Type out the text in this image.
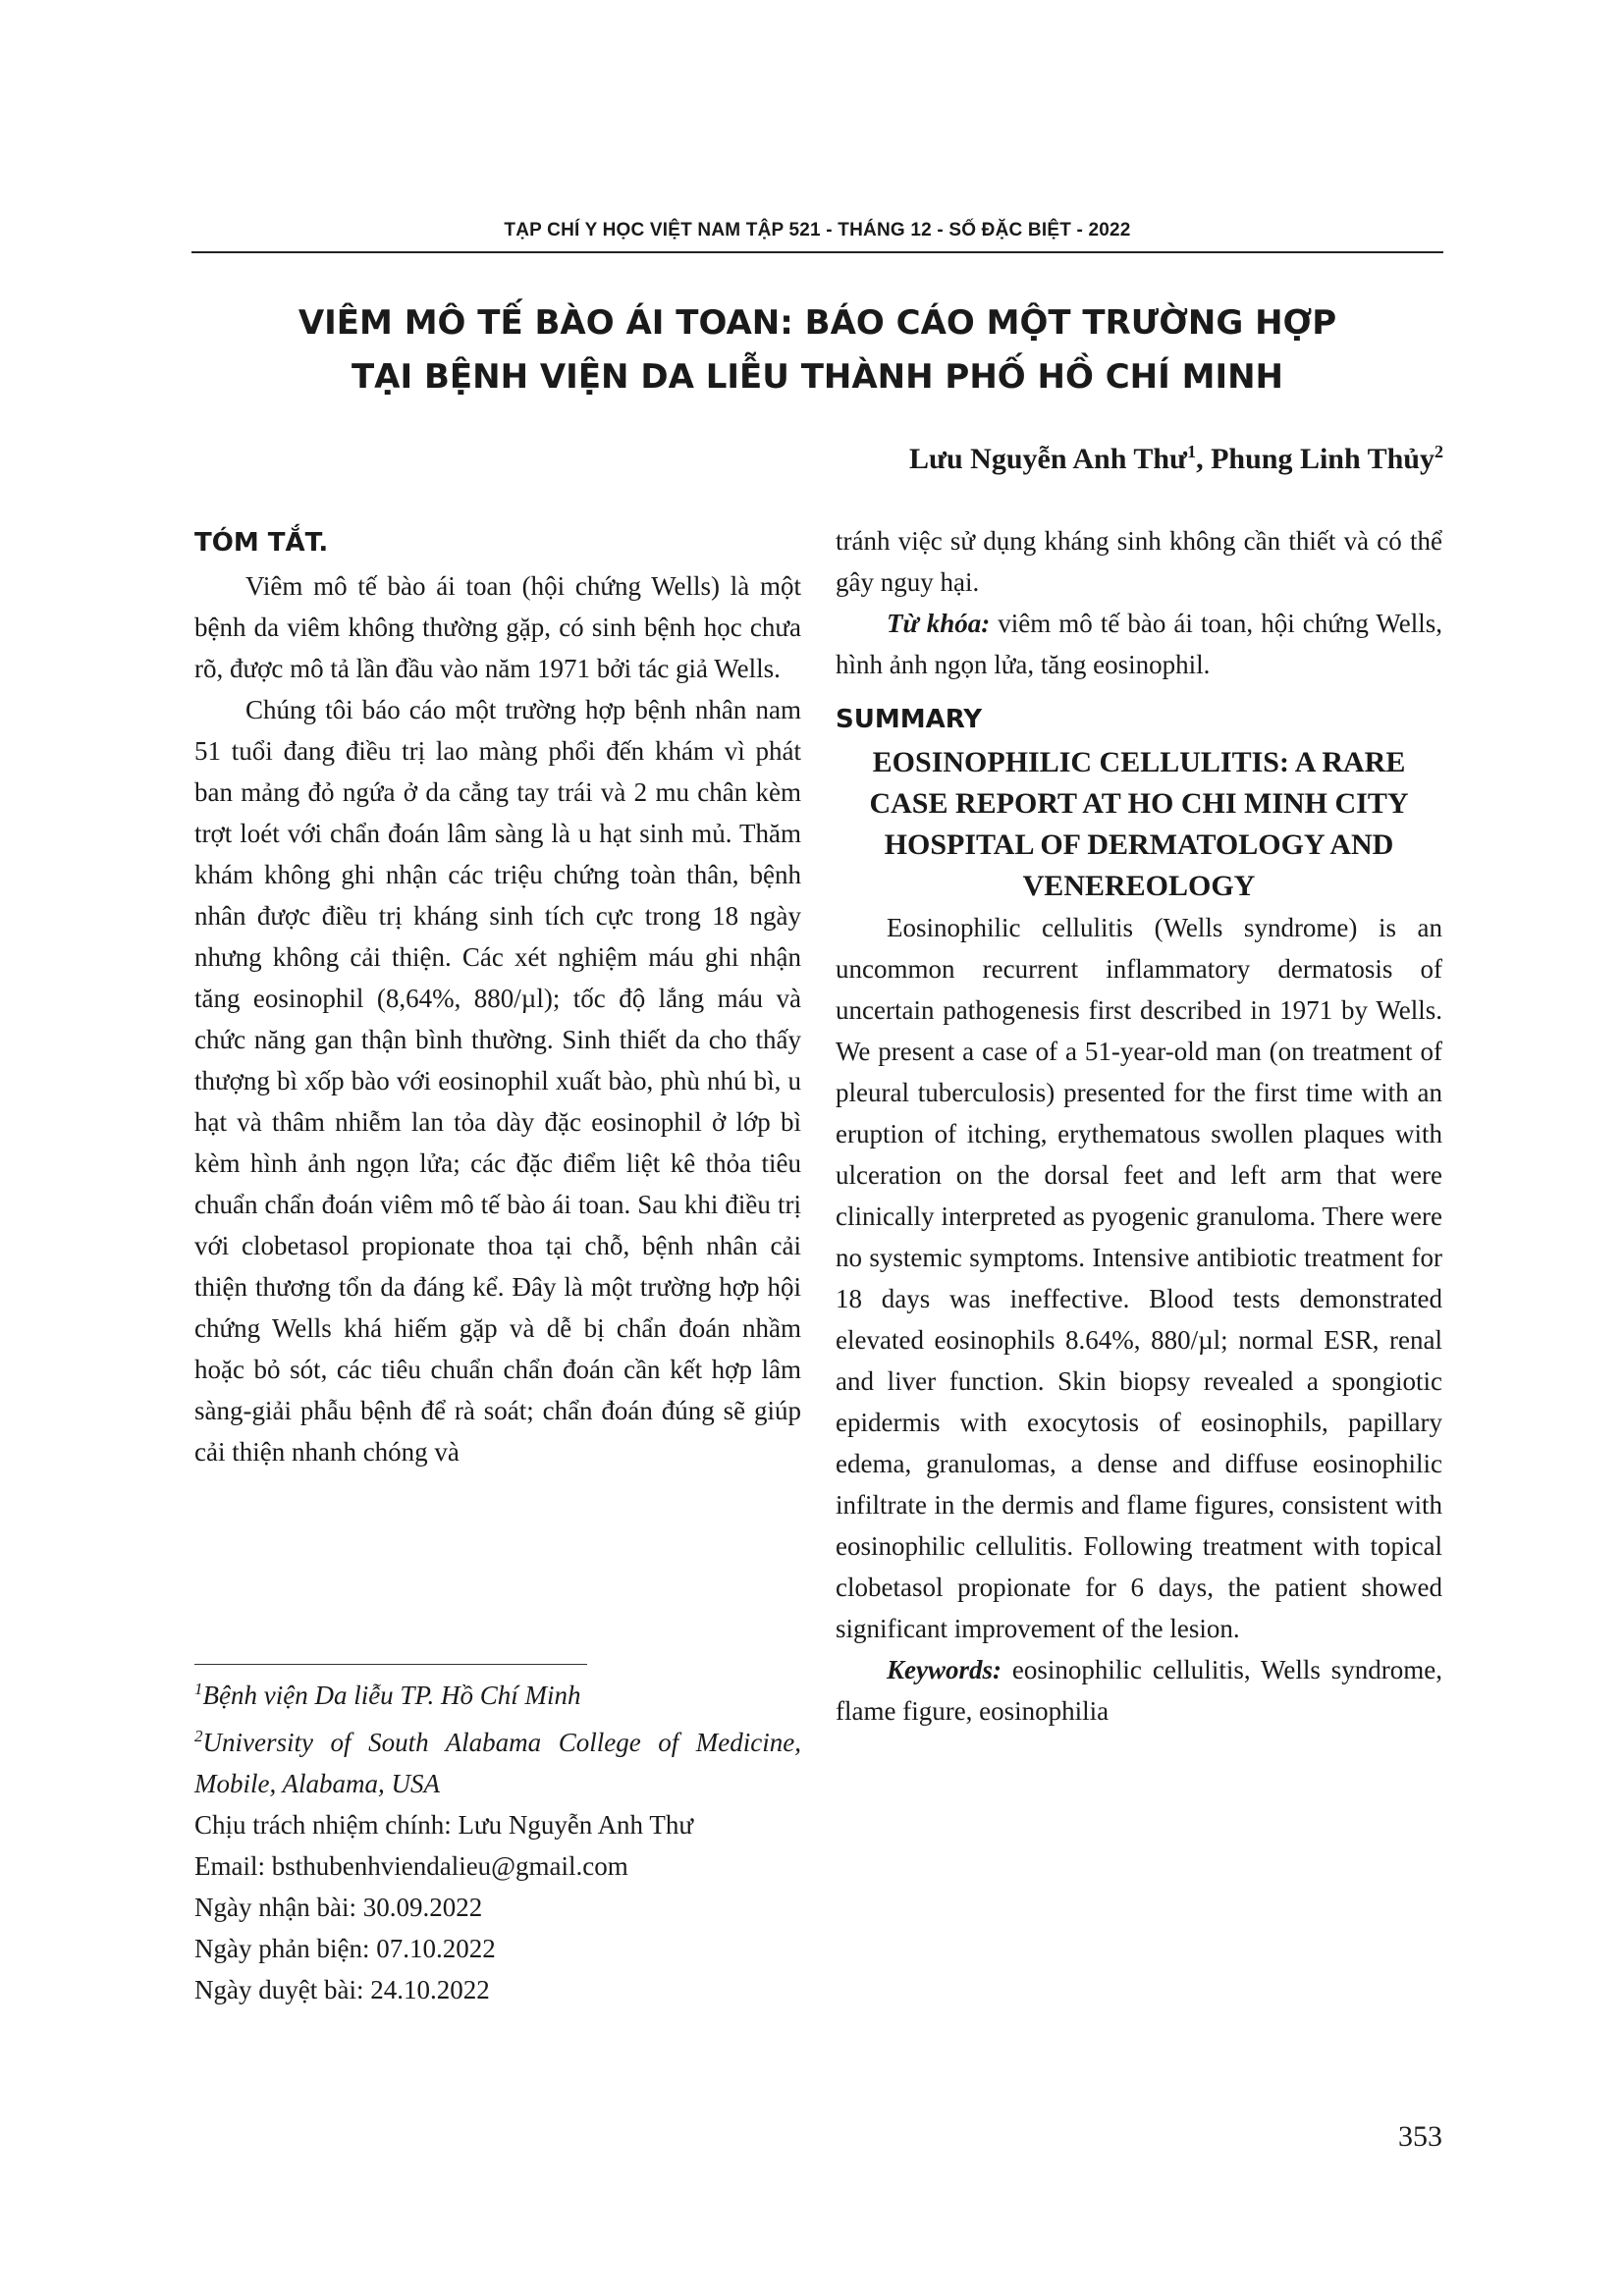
TẠP CHÍ Y HỌC VIỆT NAM TẬP 521 - THÁNG 12 - SỐ ĐẶC BIỆT - 2022
VIÊM MÔ TẾ BÀO ÁI TOAN: BÁO CÁO MỘT TRƯỜNG HỢP
TẠI BỆNH VIỆN DA LIỄU THÀNH PHỐ HỒ CHÍ MINH
Lưu Nguyễn Anh Thư$^1$, Phung Linh Thủy$^2$

TÓM TẮT.

Viêm mô tế bào ái toan (hội chứng Wells) là một bệnh da viêm không thường gặp, có sinh bệnh học chưa rõ, được mô tả lần đầu vào năm 1971 bởi tác giả Wells.

Chúng tôi báo cáo một trường hợp bệnh nhân nam 51 tuổi đang điều trị lao màng phổi đến khám vì phát ban mảng đỏ ngứa ở da cẳng tay trái và 2 mu chân kèm trợt loét với chẩn đoán lâm sàng là u hạt sinh mủ. Thăm khám không ghi nhận các triệu chứng toàn thân, bệnh nhân được điều trị kháng sinh tích cực trong 18 ngày nhưng không cải thiện. Các xét nghiệm máu ghi nhận tăng eosinophil (8,64%, 880/µl); tốc độ lắng máu và chức năng gan thận bình thường. Sinh thiết da cho thấy thượng bì xốp bào với eosinophil xuất bào, phù nhú bì, u hạt và thâm nhiễm lan tỏa dày đặc eosinophil ở lớp bì kèm hình ảnh ngọn lửa; các đặc điểm liệt kê thỏa tiêu chuẩn chẩn đoán viêm mô tế bào ái toan. Sau khi điều trị với clobetasol propionate thoa tại chỗ, bệnh nhân cải thiện thương tổn da đáng kể. Đây là một trường hợp hội chứng Wells khá hiếm gặp và dễ bị chẩn đoán nhầm hoặc bỏ sót, các tiêu chuẩn chẩn đoán cần kết hợp lâm sàng-giải phẫu bệnh để rà soát; chẩn đoán đúng sẽ giúp cải thiện nhanh chóng và

tránh việc sử dụng kháng sinh không cần thiết và có thể gây nguy hại.

Từ khóa: viêm mô tế bào ái toan, hội chứng Wells, hình ảnh ngọn lửa, tăng eosinophil.

SUMMARY

EOSINOPHILIC CELLULITIS: A RARE CASE REPORT AT HO CHI MINH CITY HOSPITAL OF DERMATOLOGY AND VENEREOLOGY

Eosinophilic cellulitis (Wells syndrome) is an uncommon recurrent inflammatory dermatosis of uncertain pathogenesis first described in 1971 by Wells. We present a case of a 51-year-old man (on treatment of pleural tuberculosis) presented for the first time with an eruption of itching, erythematous swollen plaques with ulceration on the dorsal feet and left arm that were clinically interpreted as pyogenic granuloma. There were no systemic symptoms. Intensive antibiotic treatment for 18 days was ineffective. Blood tests demonstrated elevated eosinophils 8.64%, 880/µl; normal ESR, renal and liver function. Skin biopsy revealed a spongiotic epidermis with exocytosis of eosinophils, papillary edema, granulomas, a dense and diffuse eosinophilic infiltrate in the dermis and flame figures, consistent with eosinophilic cellulitis. Following treatment with topical clobetasol propionate for 6 days, the patient showed significant improvement of the lesion.

Keywords: eosinophilic cellulitis, Wells syndrome, flame figure, eosinophilia

$^1$Bệnh viện Da liễu TP. Hồ Chí Minh

$^2$University of South Alabama College of Medicine, Mobile, Alabama, USA

Chịu trách nhiệm chính: Lưu Nguyễn Anh Thư

Email: bsthubenhviendalieu@gmail.com

Ngày nhận bài: 30.09.2022

Ngày phản biện: 07.10.2022

Ngày duyệt bài: 24.10.2022

353
